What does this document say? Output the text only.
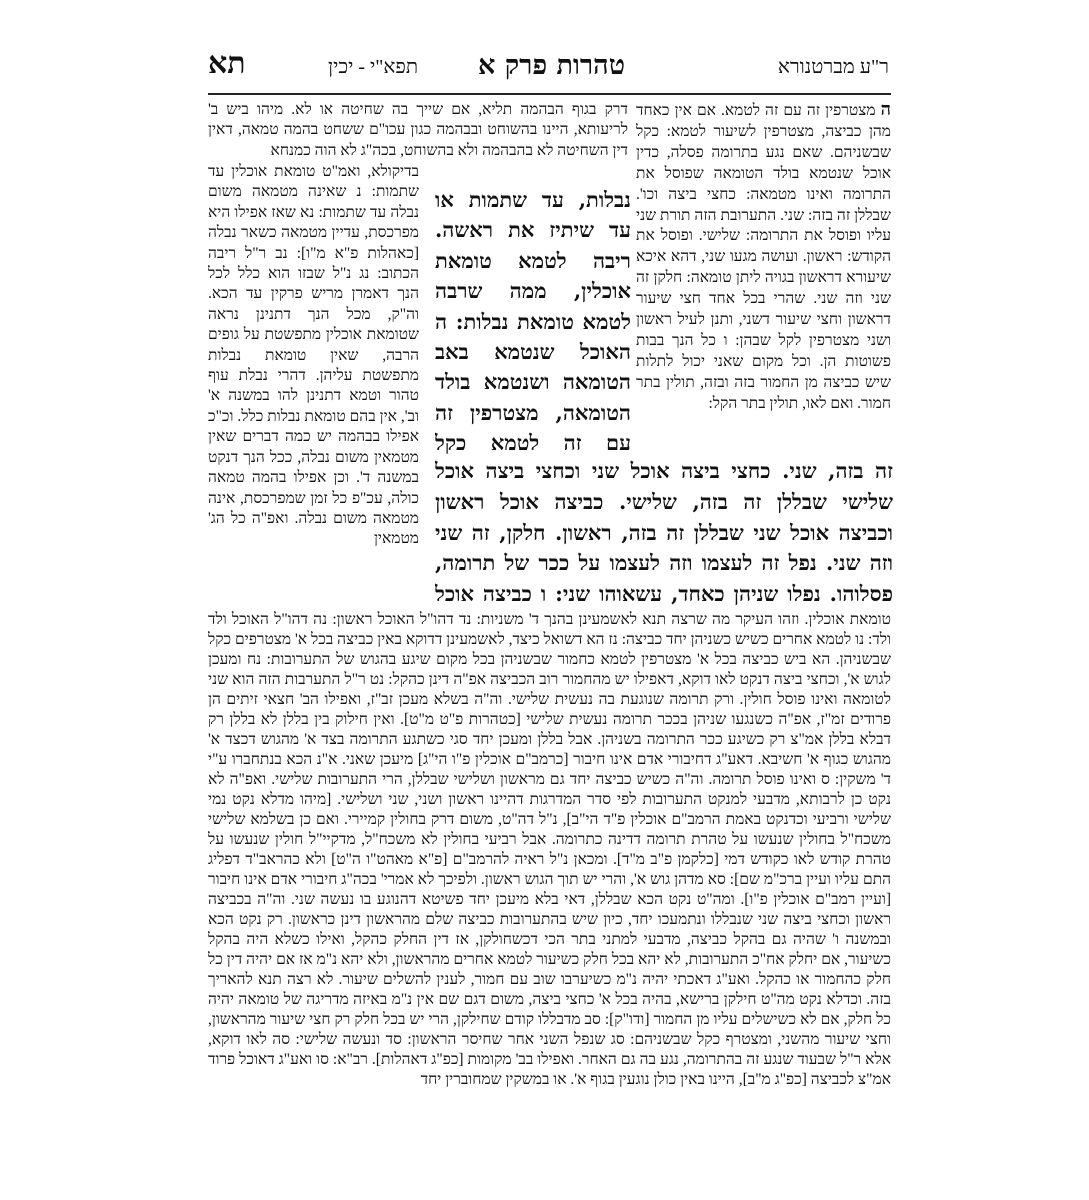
תא	תפא"י - יכין טהרות פרק א	ר"ע מברטנורא
ה מצטרפין זה עם זה לטמא. אם אין כאחד מהן כביצה, מצטרפין לשיעור לטמא: כקל שבשניהם. שאם נגע בתרומה פסלה, כדין אוכל שנטמא בולד הטומאה שפוסל את התרומה ואינו מטמאה: כחצי ביצה וכו'. שבללן זה בזה: שני. התערובת הזה תורת שני עליו ופוסל את התרומה: שלישי. ופוסל את הקודש: ראשון. ועושה מגעו שני, דהא איכא שיעורא דראשון בגויה ליתן טומאה: חלקן זה שני וזה שני. שהרי בכל אחד חצי שיעור דראשון וחצי שיעור דשני, ותנן לעיל ראשון ושני מצטרפין לקל שבהן: ו כל הנך בבות פשוטות הן. וכל מקום שאני יכול לתלות שיש כביצה מן החמור בזה ובזה, תולין בתר חמור. ואם לאו, תולין בתר הקל:
דרק בגוף הבהמה תליא, אם שייך בה שחיטה או לא. מיהו ביש ב' לריעותא, היינו בהשוחט ובבהמה כגון עכו"ם ששחט בהמה טמאה, דאין דין השחיטה לא בהבהמה ולא בהשוחט, בכה"ג לא הוה כמנחא
בדיקולא, ואמ"ט טומאת אוכלין עד שתמות: נ שאינה מטמאה משום נבלה עד שתמות: נא שאז אפילו היא מפרכסת, עדיין מטמאה כשאר נבלה [כאהלות פ"א מ"ו]: נב ר"ל ריבה הכתוב: נג נ"ל שבזו הוא כלל לכל הנך דאמרן מריש פרקין עד הכא. וה"ק, מכל הנך דתנינן נראה שטומאת אוכלין מתפשטת על גופים הרבה, שאין טומאת נבלות מתפשטת עליהן. דהרי נבלת עוף טהור וטמא דתנינן להו במשנה א' וב', אין בהם טומאת נבלות כלל. וכ"כ אפילו בבהמה יש כמה דברים שאין מטמאין משום נבלה, ככל הנך דנקט במשנה ד'. וכן אפילו בהמה טמאה כולה, עכ"פ כל זמן שמפרכסת, אינה מטמאה משום נבלה. ואפ"ה כל הג' מטמאין
נבלות, עד שתמות או עד שיתיז את ראשה. ריבה לטמא טומאת אוכלין, ממה שרבה לטמא טומאת נבלות: ה האוכל שנטמא באב הטומאה ושנטמא בולד הטומאה, מצטרפין זה עם זה לטמא כקל
זה בזה, שני. כחצי ביצה אוכל שני וכחצי ביצה אוכל שלישי שבללן זה בזה, שלישי. כביצה אוכל ראשון וכביצה אוכל שני שבללן זה בזה, ראשון. חלקן, זה שני וזה שני. נפל זה לעצמו וזה לעצמו על ככר של תרומה, פסלוהו. נפלו שניהן כאחד, עשאוהו שני: ו כביצה אוכל
טומאת אוכלין. וזהו העיקר מה שרצה תנא לאשמעינן בהנך ד' משניות: נד דהו"ל האוכל ראשון: נה דהו"ל האוכל ולד ולד: נו לטמא אחרים כשיש כשניהן יחד כביצה: נז הא דשואל כיצד, לאשמעינן דדוקא באין כביצה בכל א' מצטרפים כקל שבשניהן. הא ביש כביצה בכל א' מצטרפין לטמא כחמור שבשניהן בכל מקום שיגע בהגוש של התערובות: נח ומעכן לגוש א', וכחצי ביצה דנקט לאו דוקא, דאפילו יש מהחמור רוב הכביצה אפ"ה דינן כהקל: נט ר"ל התערבות הזה הוא שני לטומאה ואינו פוסל חולין. ורק תרומה שנוגעת בה נעשית שלישי. וה"ה בשלא מעכן זב"ז, ואפילו הב' חצאי זיתים הן פרודים זמ"ז, אפ"ה כשנגעו שניהן בככר תרומה נעשית שלישי [כטהרות פ"ט מ"ט]. ואין חילוק בין בללן לא בללן רק דבלא בללן אמ"צ רק כשיגע ככר התרומה בשניהן. אבל בללן ומעכן יחד סגי כשתגע התרומה בצד א' מהגוש דכצד א' מהגוש כגוף א' חשיבא. דאע"ג דחיבורי אדם אינו חיבור [כרמב"ם אוכלין פ"ו הי"ג] מיעכן שאני. א"נ הכא בנתחברו ע"י ד' משקין: ס ואינו פוסל תרומה. וה"ה כשיש כביצה יחד גם מראשון ושלישי שבללן, הרי התערובות שלישי. ואפ"ה לא נקט כן לרבותא, מדבעי למנקט התערובות לפי סדר המדרגות דהיינו ראשון ושני, שני ושלישי. [מיהו מדלא נקט נמי שלישי ורביעי וכדנקט באמת הרמב"ם אוכלין פ"ד הי"ב], נ"ל דה"ט, משום דרק בחולין קמיירי. ואם כן בשלמא שלישי משכח"ל בחולין שנעשו על טהרת תרומה דדינה כתרומה. אבל רביעי בחולין לא משכח"ל, מדקיי"ל חולין שנעשו על טהרת קודש לאו כקודש דמי [כלקמן פ"ב מ"ד]. ומכאן נ"ל ראיה להרמב"ם [פ"א מאהט"ו ה"ט] ולא כהראב"ד דפליג התם עליו ועיין ברכ"מ שם]: סא מדהן גוש א', והרי יש תוך הגוש ראשון. ולפיכך לא אמרי' בכה"ג חיבורי אדם אינו חיבור [ועיין רמב"ם אוכלין פ"ו]. ומה"ט נקט הכא שבללן, דאי בלא מיעכן יחד פשיטא דהנוגע בו נעשה שני. וה"ה בכביצה ראשון וכחצי ביצה שני שנבללו ונתמעכו יחד, כיון שיש בהתערובות כביצה שלם מהראשון דינן כראשון. רק נקט הכא ובמשנה ו' שהיה גם בהקל כביצה, מדבעי למתני בתר הכי דכשחולקן, אז דין החלק כהקל, ואילו כשלא היה בהקל כשיעור, אם יחלק אח"כ התערובות, לא יהא בכל חלק כשיעור לטמא אחרים מהראשון, ולא יהא נ"מ אז אם יהיה דין כל חלק כהחמור או כהקל. ואע"ג דאכתי יהיה נ"מ כשיערבו שוב עם חמור, לענין להשלים שיעור. לא רצה תנא להאריך בזה. וכדלא נקט מה"ט חילקן ברישא, בהיה בכל א' כחצי ביצה, משום דגם שם אין נ"מ באיזה מדריגה של טומאה יהיה כל חלק, אם לא כשישלים עליו מן החמור [ודו"ק]: סב מדבללו קודם שחילקן, הרי יש בכל חלק רק חצי שיעור מהראשון, וחצי שיעור מהשני, ומצטרף כקל שבשניהם: סג שנפל השני אחר שחיסר הראשון: סד ונעשה שלישי: סה לאו דוקא, אלא ר"ל שבעוד שנגע זה בהתרומה, נגע בה גם האחר. ואפילו בב' מקומות [כפ"ג דאהלות]. רב"א: סו ואע"ג דאוכל פרוד אמ"צ לכביצה [כפ"ג מ"ב], היינו באין כולן נוגעין בגוף א'. או במשקין שמחוברין יחד
